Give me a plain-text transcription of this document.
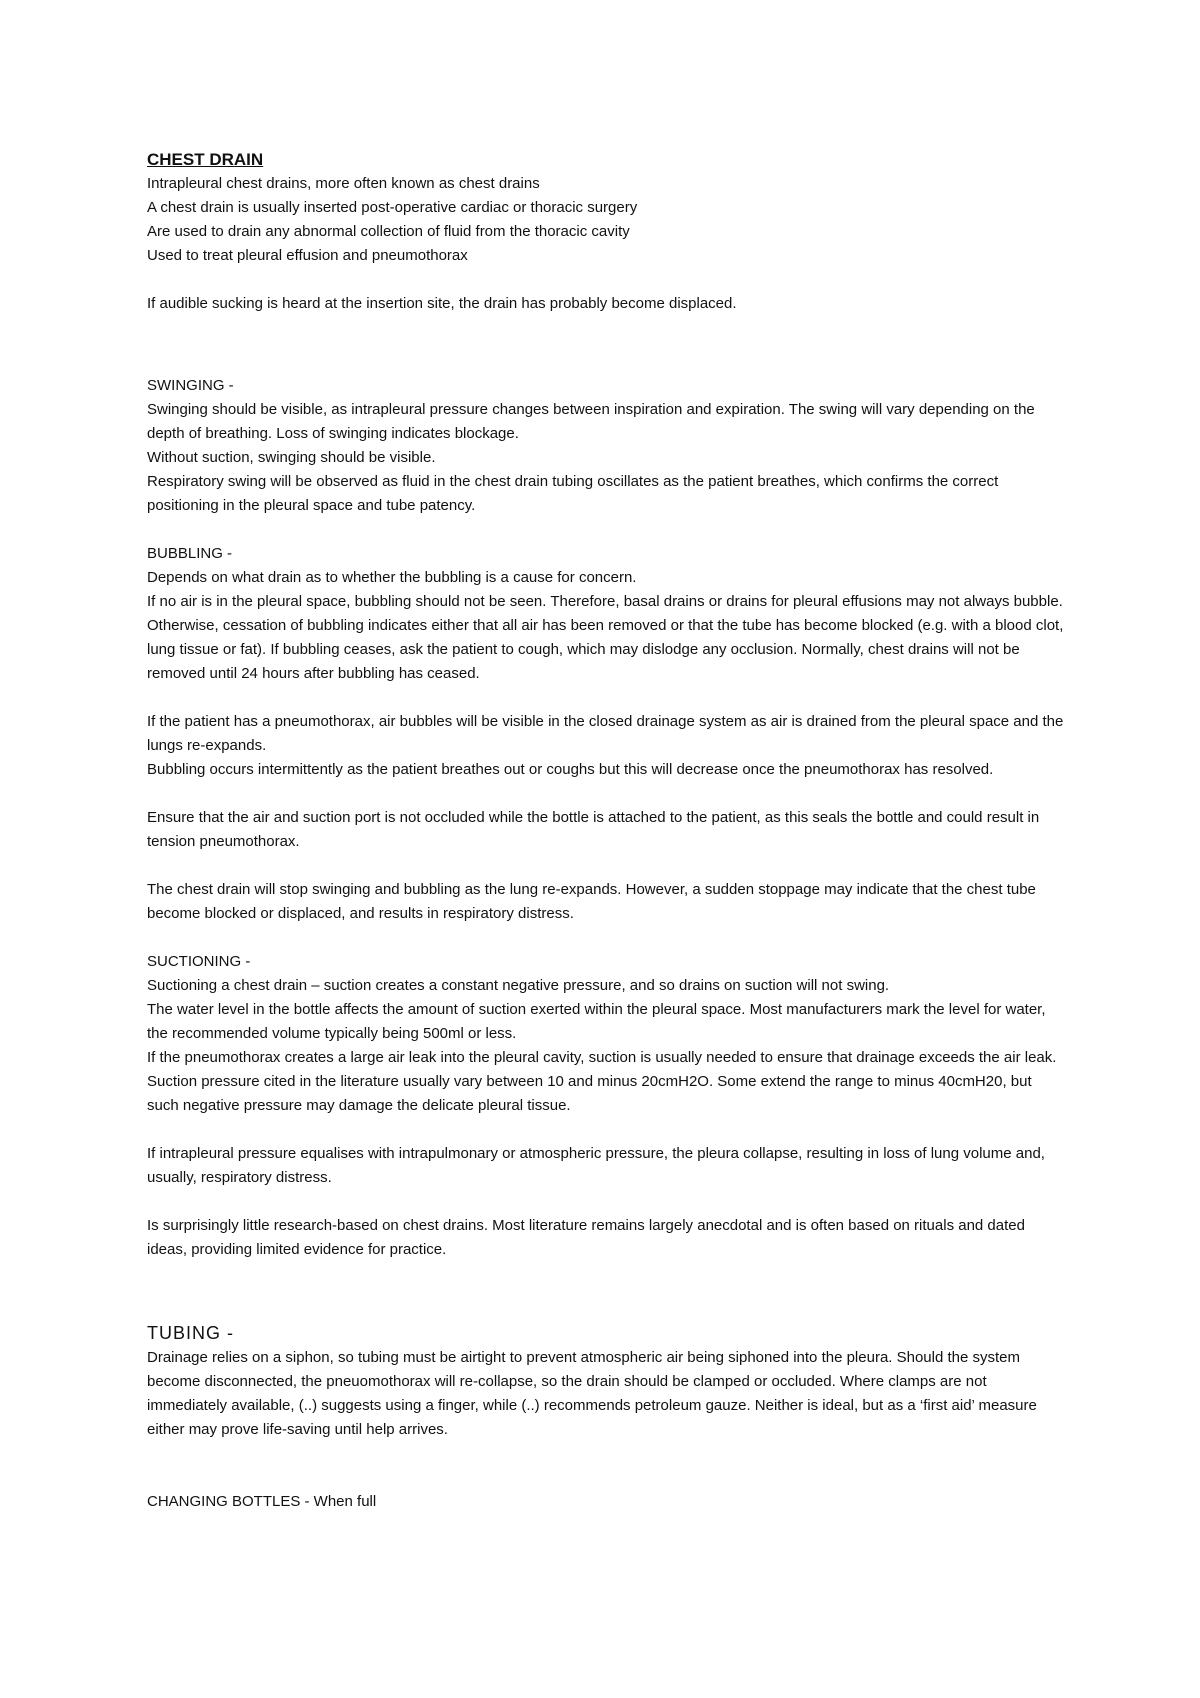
CHEST DRAIN
Intrapleural chest drains, more often known as chest drains
A chest drain is usually inserted post-operative cardiac or thoracic surgery
Are used to drain any abnormal collection of fluid from the thoracic cavity
Used to treat pleural effusion and pneumothorax

If audible sucking is heard at the insertion site, the drain has probably become displaced.

SWINGING -

Swinging should be visible, as intrapleural pressure changes between inspiration and expiration. The swing will vary depending on the depth of breathing. Loss of swinging indicates blockage.

Without suction, swinging should be visible.

Respiratory swing will be observed as fluid in the chest drain tubing oscillates as the patient breathes, which confirms the correct positioning in the pleural space and tube patency.

BUBBLING -

Depends on what drain as to whether the bubbling is a cause for concern.

If no air is in the pleural space, bubbling should not be seen. Therefore, basal drains or drains for pleural effusions may not always bubble. Otherwise, cessation of bubbling indicates either that all air has been removed or that the tube has become blocked (e.g. with a blood clot, lung tissue or fat). If bubbling ceases, ask the patient to cough, which may dislodge any occlusion. Normally, chest drains will not be removed until 24 hours after bubbling has ceased.

If the patient has a pneumothorax, air bubbles will be visible in the closed drainage system as air is drained from the pleural space and the lungs re-expands.

Bubbling occurs intermittently as the patient breathes out or coughs but this will decrease once the pneumothorax has resolved.

Ensure that the air and suction port is not occluded while the bottle is attached to the patient, as this seals the bottle and could result in tension pneumothorax.

The chest drain will stop swinging and bubbling as the lung re-expands. However, a sudden stoppage may indicate that the chest tube become blocked or displaced, and results in respiratory distress.

SUCTIONING -

Suctioning a chest drain – suction creates a constant negative pressure, and so drains on suction will not swing.

The water level in the bottle affects the amount of suction exerted within the pleural space. Most manufacturers mark the level for water, the recommended volume typically being 500ml or less.

If the pneumothorax creates a large air leak into the pleural cavity, suction is usually needed to ensure that drainage exceeds the air leak. Suction pressure cited in the literature usually vary between 10 and minus 20cmH2O. Some extend the range to minus 40cmH20, but such negative pressure may damage the delicate pleural tissue.

If intrapleural pressure equalises with intrapulmonary or atmospheric pressure, the pleura collapse, resulting in loss of lung volume and, usually, respiratory distress.

Is surprisingly little research-based on chest drains. Most literature remains largely anecdotal and is often based on rituals and dated ideas, providing limited evidence for practice.

TUBING -

Drainage relies on a siphon, so tubing must be airtight to prevent atmospheric air being siphoned into the pleura. Should the system become disconnected, the pneuomothorax will re-collapse, so the drain should be clamped or occluded. Where clamps are not immediately available, (..) suggests using a finger, while (..) recommends petroleum gauze. Neither is ideal, but as a ‘first aid’ measure either may prove life-saving until help arrives.

CHANGING BOTTLES - When full
